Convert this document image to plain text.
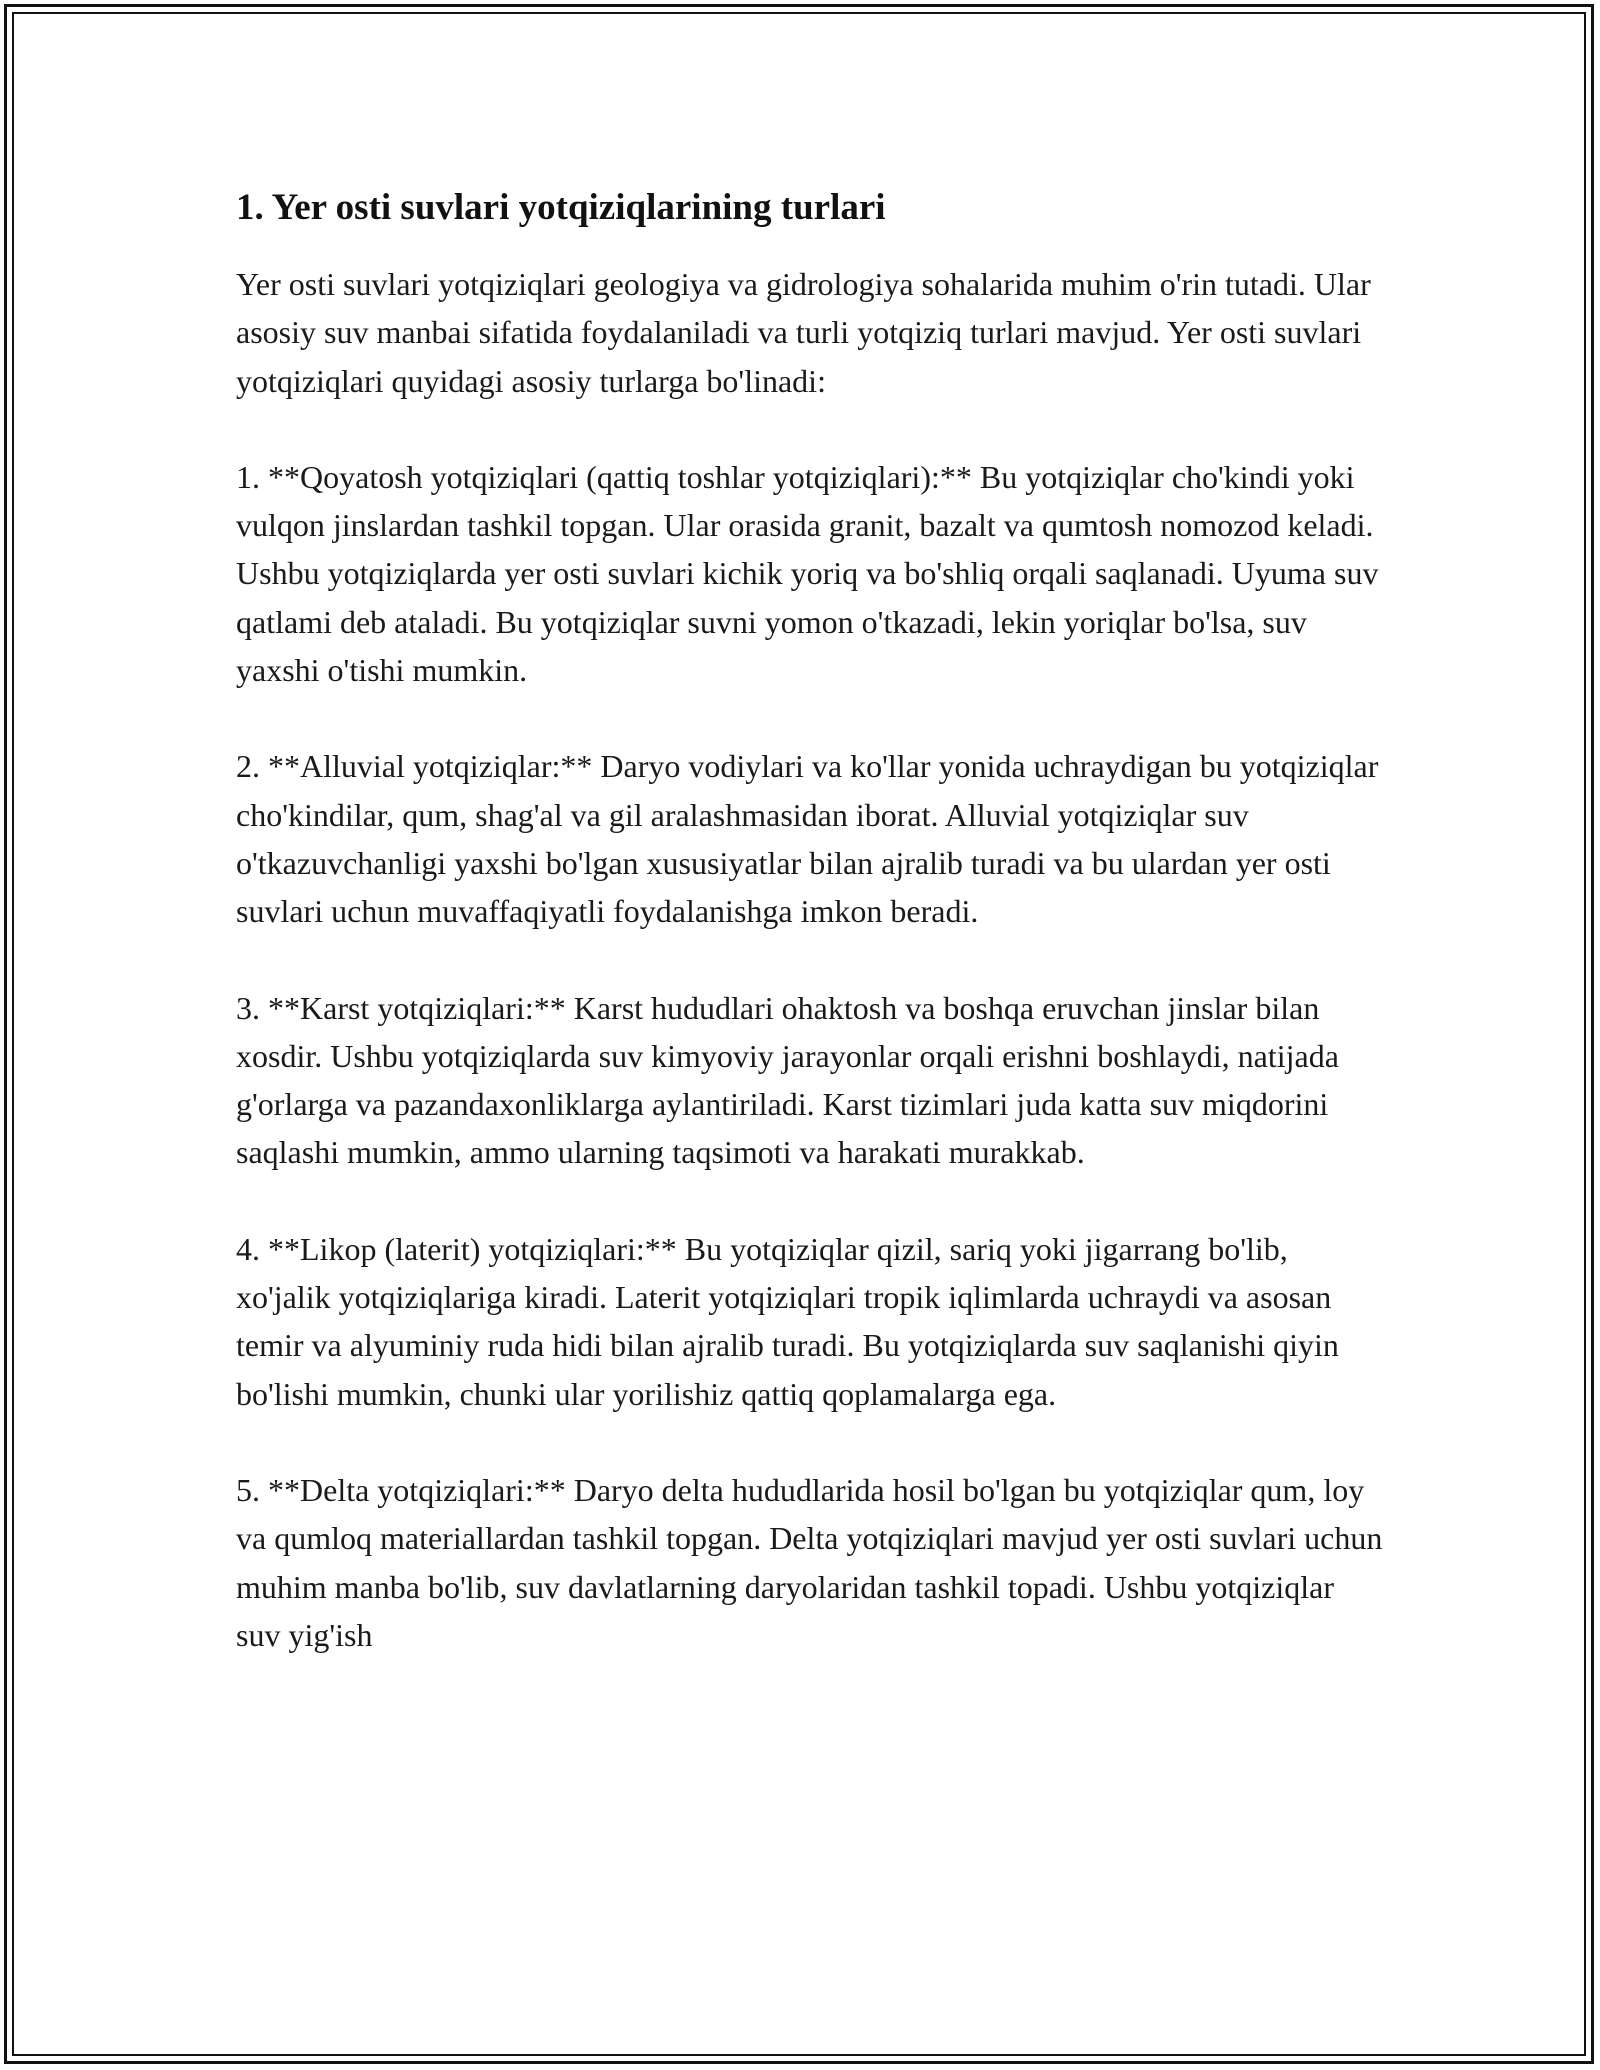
1. Yer osti suvlari yotqiziqlarining turlari

Yer osti suvlari yotqiziqlari geologiya va gidrologiya sohalarida muhim o'rin tutadi. Ular asosiy suv manbai sifatida foydalaniladi va turli yotqiziq turlari mavjud. Yer osti suvlari yotqiziqlari quyidagi asosiy turlarga bo'linadi:

1. **Qoyatosh yotqiziqlari (qattiq toshlar yotqiziqlari):** Bu yotqiziqlar cho'kindi yoki vulqon jinslardan tashkil topgan. Ular orasida granit, bazalt va qumtosh nomozod keladi. Ushbu yotqiziqlarda yer osti suvlari kichik yoriq va bo'shliq orqali saqlanadi. Uyuma suv qatlami deb ataladi. Bu yotqiziqlar suvni yomon o'tkazadi, lekin yoriqlar bo'lsa, suv yaxshi o'tishi mumkin.

2. **Alluvial yotqiziqlar:** Daryo vodiylari va ko'llar yonida uchraydigan bu yotqiziqlar cho'kindilar, qum, shag'al va gil aralashmasidan iborat. Alluvial yotqiziqlar suv o'tkazuvchanligi yaxshi bo'lgan xususiyatlar bilan ajralib turadi va bu ulardan yer osti suvlari uchun muvaffaqiyatli foydalanishga imkon beradi.

3. **Karst yotqiziqlari:** Karst hududlari ohaktosh va boshqa eruvchan jinslar bilan xosdir. Ushbu yotqiziqlarda suv kimyoviy jarayonlar orqali erishni boshlaydi, natijada g'orlarga va pazandaxonliklarga aylantiriladi. Karst tizimlari juda katta suv miqdorini saqlashi mumkin, ammo ularning taqsimoti va harakati murakkab.

4. **Likop (laterit) yotqiziqlari:** Bu yotqiziqlar qizil, sariq yoki jigarrang bo'lib, xo'jalik yotqiziqlariga kiradi. Laterit yotqiziqlari tropik iqlimlarda uchraydi va asosan temir va alyuminiy ruda hidi bilan ajralib turadi. Bu yotqiziqlarda suv saqlanishi qiyin bo'lishi mumkin, chunki ular yorilishiz qattiq qoplamalarga ega.

5. **Delta yotqiziqlari:** Daryo delta hududlarida hosil bo'lgan bu yotqiziqlar qum, loy va qumloq materiallardan tashkil topgan. Delta yotqiziqlari mavjud yer osti suvlari uchun muhim manba bo'lib, suv davlatlarning daryolaridan tashkil topadi. Ushbu yotqiziqlar suv yig'ish
